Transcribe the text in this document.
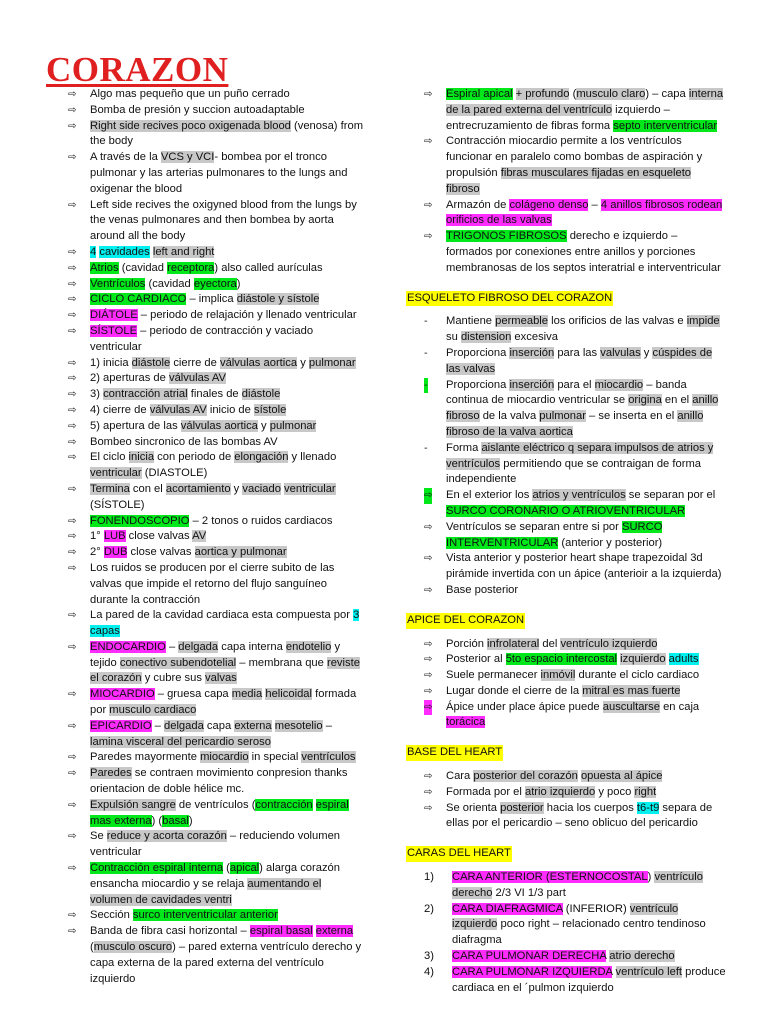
CORAZON
⇨ Algo mas pequeño que un puño cerrado
⇨ Bomba de presión y succion autoadaptable
⇨ Right side recives poco oxigenada blood (venosa) from the body
⇨ A través de la VCS y VCI- bombea por el tronco pulmonar y las arterias pulmonares to the lungs and oxigenar the blood
⇨ Left side recives the oxigyned blood from the lungs by the venas pulmonares and then bombea by aorta around all the body
⇨ 4 cavidades left and right
⇨ Atrios (cavidad receptora) also called aurículas
⇨ Ventrículos (cavidad eyectora)
⇨ CICLO CARDIACO – implica diástole y sístole
⇨ DIÁTOLE – periodo de relajación y llenado ventricular
⇨ SÍSTOLE – periodo de contracción y vaciado ventricular
⇨ 1) inicia diástole cierre de válvulas aortica y pulmonar
⇨ 2) aperturas de válvulas AV
⇨ 3) contracción atrial finales de diástole
⇨ 4) cierre de válvulas AV inicio de sístole
⇨ 5) apertura de las válvulas aortica y pulmonar
⇨ Bombeo sincronico de las bombas AV
⇨ El ciclo inicia con periodo de elongación y llenado ventricular (DIASTOLE)
⇨ Termina con el acortamiento y vaciado ventricular (SÍSTOLE)
⇨ FONENDOSCOPIO – 2 tonos o ruidos cardiacos
⇨ 1° LUB close valvas AV
⇨ 2° DUB close valvas aortica y pulmonar
⇨ Los ruidos se producen por el cierre subito de las valvas que impide el retorno del flujo sanguíneo durante la contracción
⇨ La pared de la cavidad cardiaca esta compuesta por 3 capas
⇨ ENDOCARDIO – delgada capa interna endotelio y tejido conectivo subendotelial – membrana que reviste el corazón y cubre sus valvas
⇨ MIOCARDIO – gruesa capa media helicoidal formada por musculo cardiaco
⇨ EPICARDIO – delgada capa externa mesotelio – lamina visceral del pericardio seroso
⇨ Paredes mayormente miocardio in special ventrículos
⇨ Paredes se contraen movimiento conpresion thanks orientacion de doble hélice mc.
⇨ Expulsión sangre de ventrículos (contracción espiral mas externa) (basal)
⇨ Se reduce y acorta corazón – reduciendo volumen ventricular
⇨ Contracción espiral interna (apical) alarga corazón ensancha miocardio y se relaja aumentando el volumen de cavidades ventri
⇨ Sección surco interventricular anterior
⇨ Banda de fibra casi horizontal – espiral basal externa (musculo oscuro) – pared externa ventrículo derecho y capa externa de la pared externa del ventrículo izquierdo
⇨ Espiral apical + profundo (musculo claro) – capa interna de la pared externa del ventrículo izquierdo – entrecruzamiento de fibras forma septo interventricular
⇨ Contracción miocardio permite a los ventrículos funcionar en paralelo como bombas de aspiración y propulsión fibras musculares fijadas en esqueleto fibroso
⇨ Armazón de colágeno denso – 4 anillos fibrosos rodean orificios de las valvas
⇨ TRIGONOS FIBROSOS derecho e izquierdo – formados por conexiones entre anillos y porciones membranosas de los septos interatrial e interventricular
ESQUELETO FIBROSO DEL CORAZON
- Mantiene permeable los orificios de las valvas e impide su distension excesiva
- Proporciona inserción para las valvulas y cúspides de las valvas
- Proporciona inserción para el miocardio – banda continua de miocardio ventricular se origina en el anillo fibroso de la valva pulmonar – se inserta en el anillo fibroso de la valva aortica
- Forma aislante eléctrico q separa impulsos de atrios y ventrículos permitiendo que se contraigan de forma independiente
⇨ En el exterior los atrios y ventrículos se separan por el SURCO CORONARIO O ATRIOVENTRICULAR
⇨ Ventrículos se separan entre si por SURCO INTERVENTRICULAR (anterior y posterior)
⇨ Vista anterior y posterior heart shape trapezoidal 3d pirámide invertida con un ápice (anterioir a la izquierda)
⇨ Base posterior
APICE DEL CORAZON
⇨ Porción infrolateral del ventrículo izquierdo
⇨ Posterior al 5to espacio intercostal izquierdo adults
⇨ Suele permanecer inmóvil durante el ciclo cardiaco
⇨ Lugar donde el cierre de la mitral es mas fuerte
⇨ Ápice under place ápice puede auscultarse en caja torácica
BASE DEL HEART
⇨ Cara posterior del corazón opuesta al ápice
⇨ Formada por el atrio izquierdo y poco right
⇨ Se orienta posterior hacia los cuerpos t6-t9 separa de ellas por el pericardio – seno oblicuo del pericardio
CARAS DEL HEART
1) CARA ANTERIOR (ESTERNOCOSTAL) ventrículo derecho 2/3 VI 1/3 part
2) CARA DIAFRAGMICA (INFERIOR) ventrículo izquierdo poco right – relacionado centro tendinoso diafragma
3) CARA PULMONAR DERECHA atrio derecho
4) CARA PULMONAR IZQUIERDA ventrículo left produce cardiaca en el ´pulmon izquierdo
